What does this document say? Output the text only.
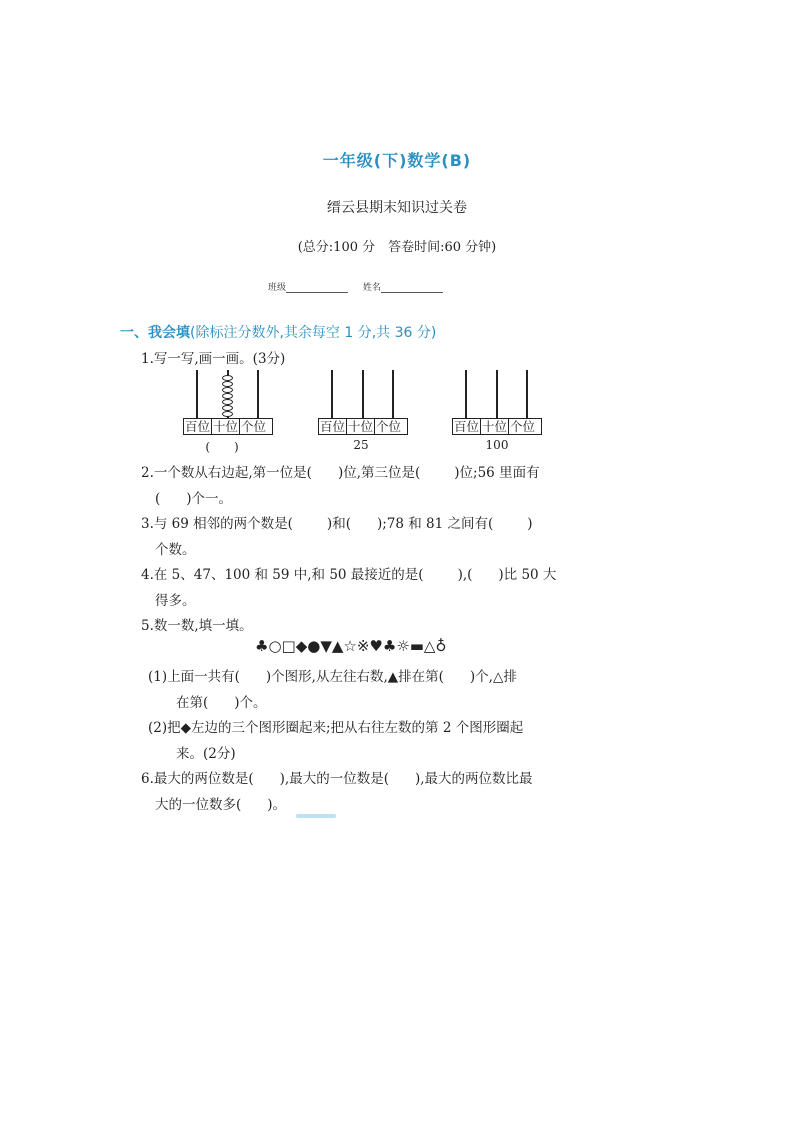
一年级(下)数学(B)
缙云县期末知识过关卷
(总分:100 分　答卷时间:60 分钟)
班级	姓名
一、我会填(除标注分数外,其余每空 1 分,共 36 分)
1.写一写,画一画。(3分)
百位 十位 个位
(　　)
百位 十位 个位
25
百位 十位 个位
100
2.一个数从右边起,第一位是( )位,第三位是(	)位;56 里面有
( )个一。
3.与 69 相邻的两个数是(	)和( );78 和 81 之间有(	)
个数。
4.在 5、47、100 和 59 中,和 50 最接近的是(	),( )比 50 大
得多。
5.数一数,填一填。
♣○□◆●▼▲☆※♥♣☼▬△♁
(1)上面一共有( )个图形,从左往右数,▲排在第( )个,△排
在第( )个。
(2)把◆左边的三个图形圈起来;把从右往左数的第 2 个图形圈起
来。(2分)
6.最大的两位数是( ),最大的一位数是( ),最大的两位数比最
大的一位数多( )。
